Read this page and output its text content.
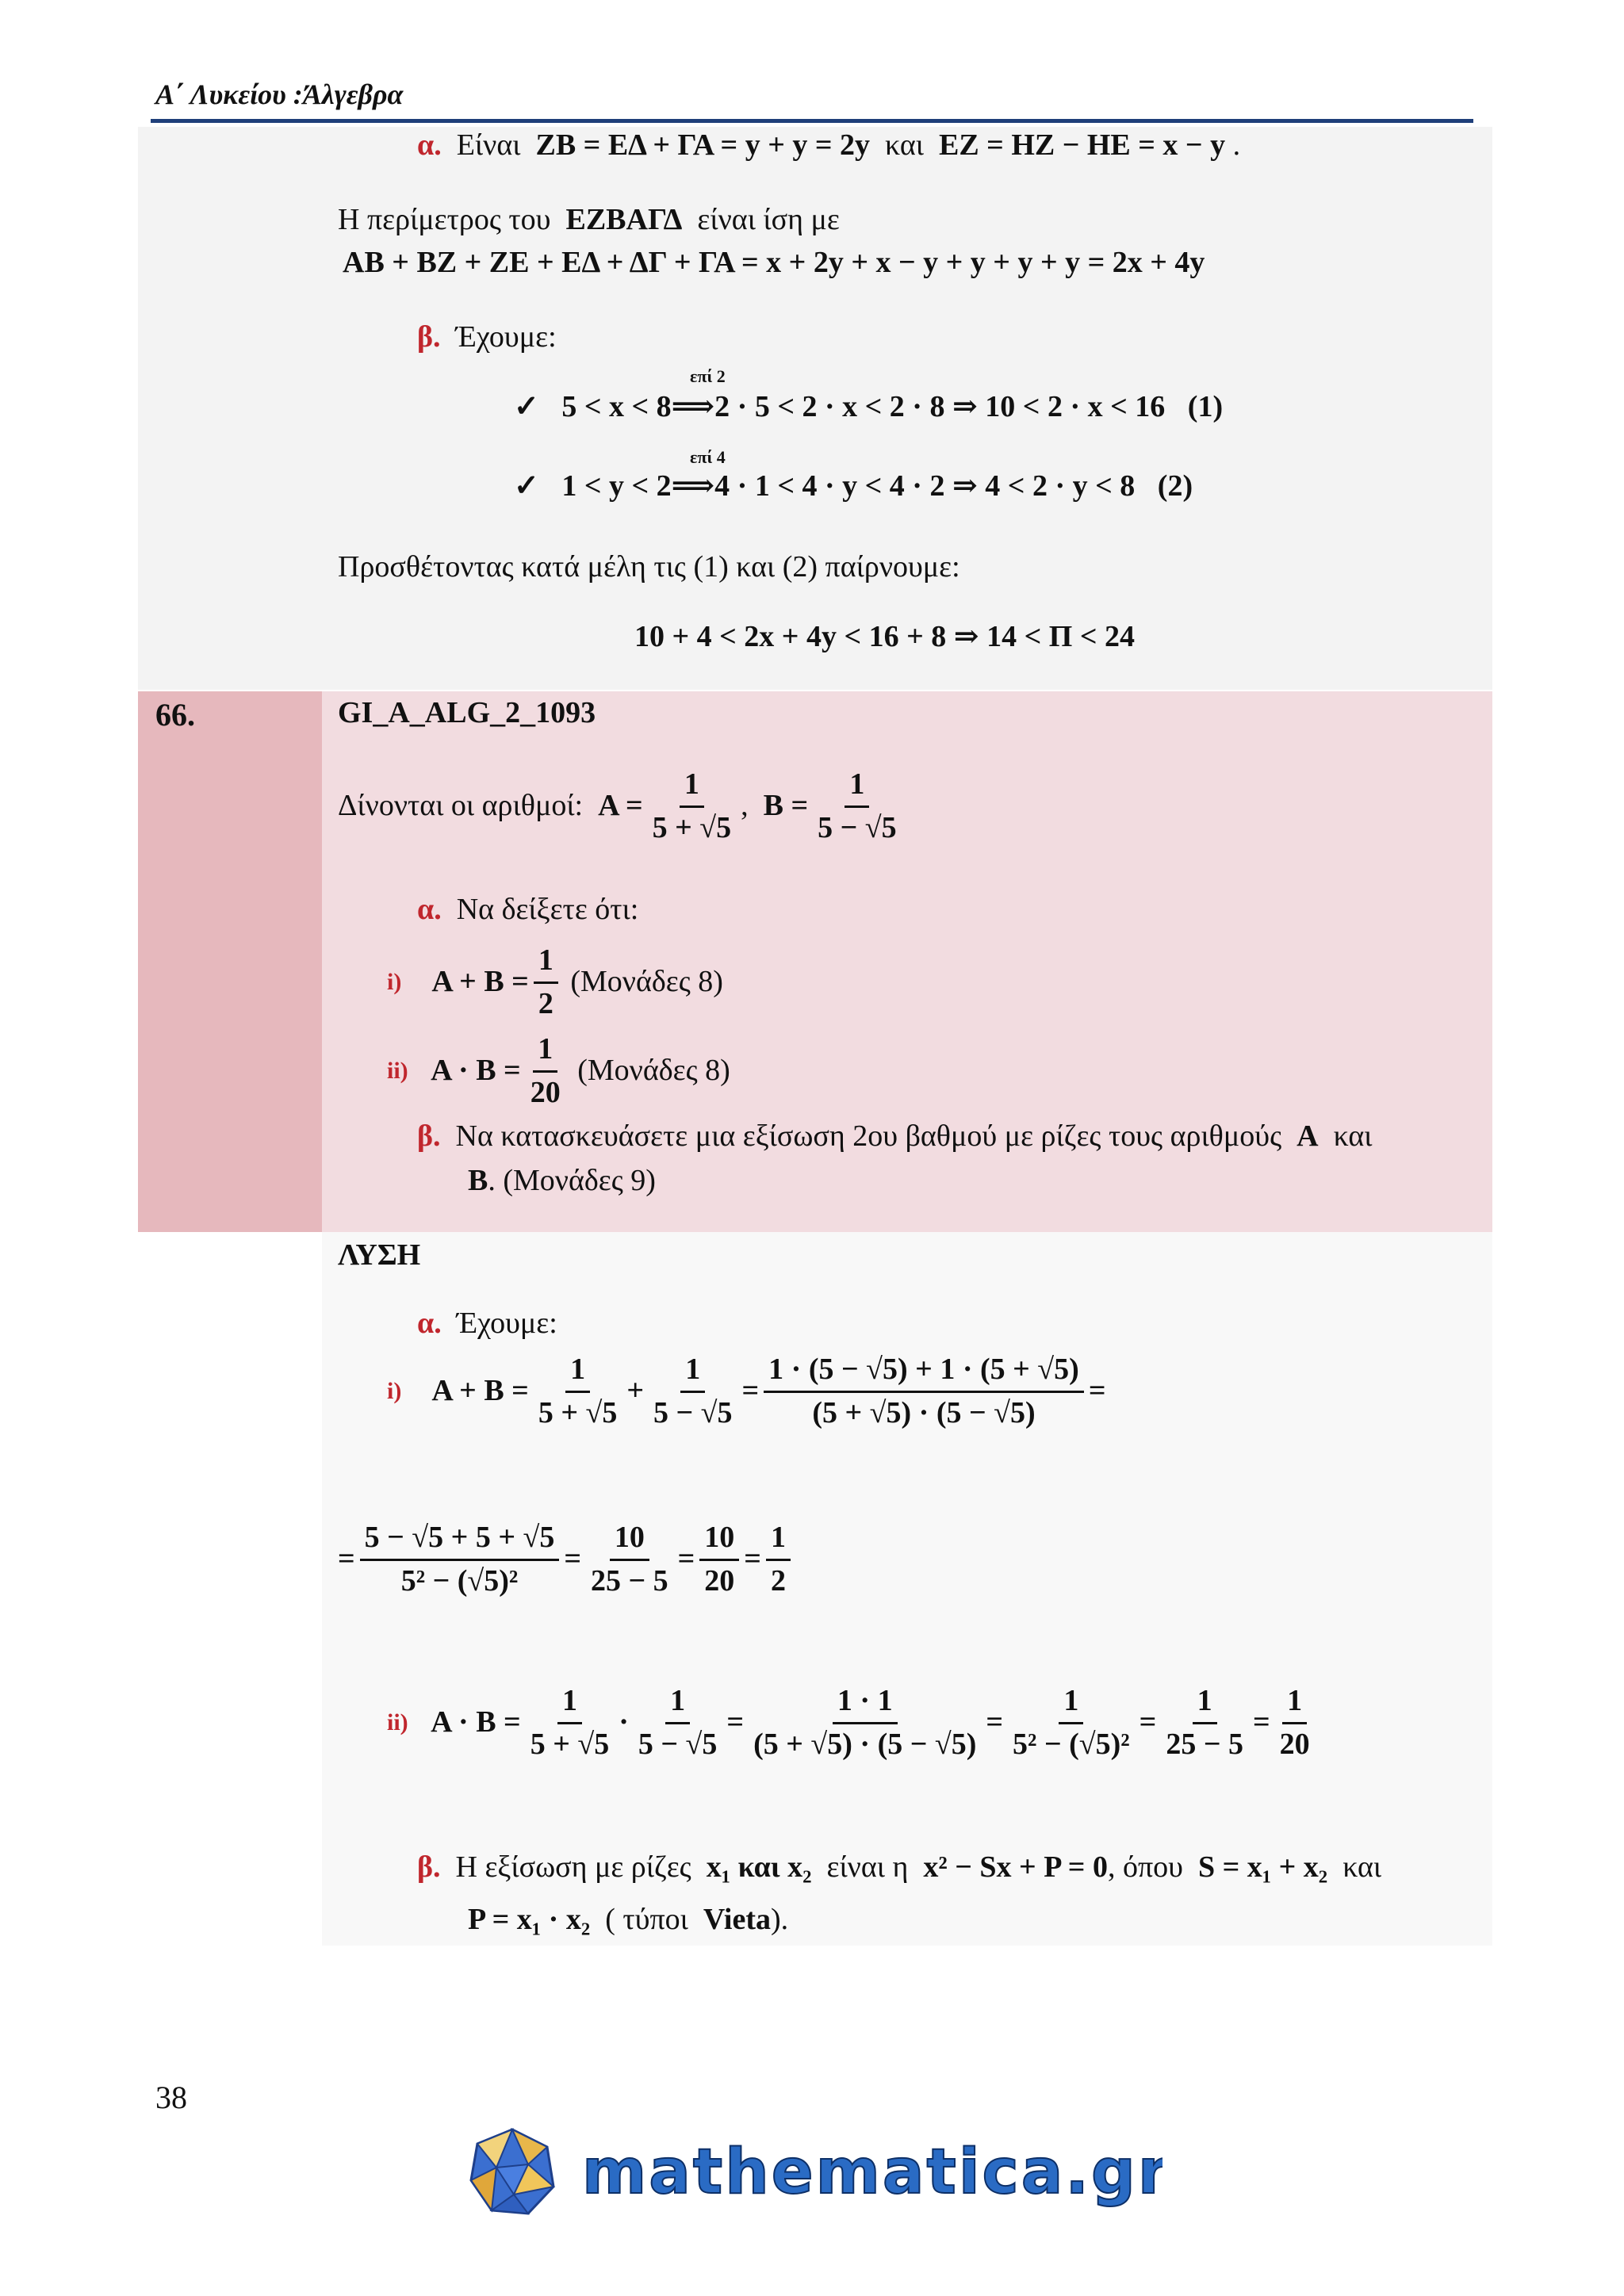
Α΄ Λυκείου :Άλγεβρα
α. Είναι ΖΒ = ΕΔ + ΓΑ = y + y = 2y και ΕΖ = ΗΖ − ΗΕ = x − y .
Η περίμετρος του ΕΖΒΑΓΔ είναι ίση με
ΑΒ + ΒΖ + ΖΕ + ΕΔ + ΔΓ + ΓΑ = x + 2y + x − y + y + y + y = 2x + 4y
β. Έχουμε:
επί 2
✓ 5 < x < 8⟹2 · 5 < 2 · x < 2 · 8 ⇒ 10 < 2 · x < 16 (1)
επί 4
✓ 1 < y < 2⟹4 · 1 < 4 · y < 4 · 2 ⇒ 4 < 2 · y < 8 (2)
Προσθέτοντας κατά μέλη τις (1) και (2) παίρνουμε:
10 + 4 < 2x + 4y < 16 + 8 ⇒ 14 < Π < 24
66.	GI_A_ALG_2_1093
Δίνονται οι αριθμοί:
$A = \frac{1}{5 + √5}$ ,
$B = \frac{1}{5 - √5}$
α. Να δείξετε ότι:
i)
$A + B = \frac{1}{2}$
(Μονάδες 8)
ii)
$A \cdot B = \frac{1}{20}$
(Μονάδες 8)
β. Να κατασκευάσετε μια εξίσωση 2ου βαθμού με ρίζες τους αριθμούς Α και
Β. (Μονάδες 9)
ΛΥΣΗ
α. Έχουμε:
i)
$A + B = \frac{1}{5 + √5} + \frac{1}{5 - √5} = \frac{1 \cdot (5 - √5) + 1 \cdot (5 + √5)}{(5 + √5) \cdot (5 - √5)}$ =
= $\frac{5 - √5 + 5 + √5}{\text{5² − (√5)²}} = \frac{10}{25 - 5} = \frac{10}{20} = \frac{1}{2}$
ii)
$A \cdot B = \frac{1}{5 + √5} \cdot \frac{1}{5 - √5} = \frac{1 \cdot 1}{(5 + √5) \cdot (5 - √5)} = \frac{1}{\text{5² − (√5)²}} = \frac{1}{25 - 5} = \frac{1}{20}$
β. Η εξίσωση με ρίζες x₁ και x₂ είναι η x² − Sx + P = 0, όπου S = x₁ + x₂ και
P = x₁ · x₂ ( τύποι Vieta).
38
mathematica.gr
